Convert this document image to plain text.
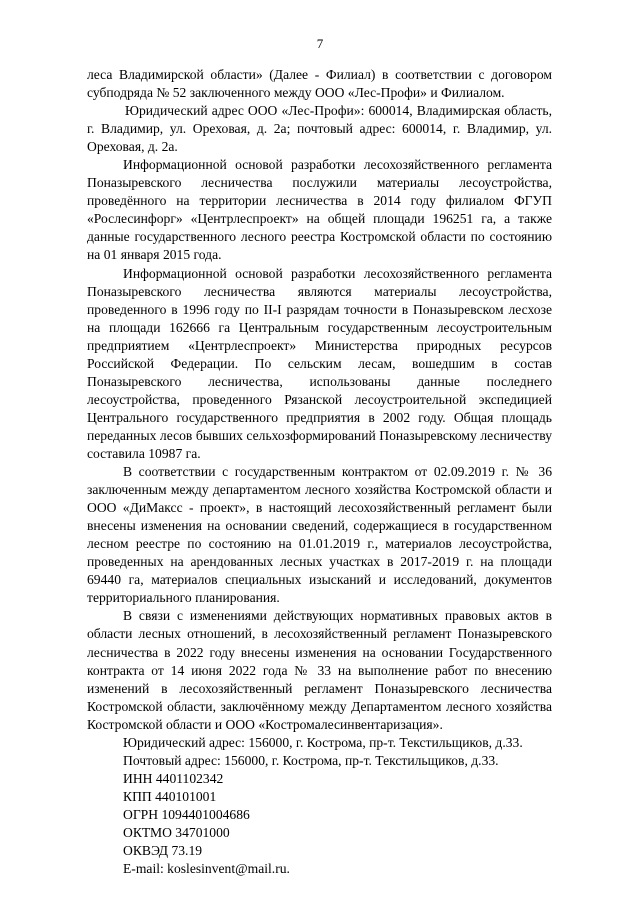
7

леса Владимирской области» (Далее - Филиал) в соответствии с договором субподряда № 52 заключенного между ООО «Лес-Профи» и Филиалом.

Юридический адрес ООО «Лес-Профи»: 600014, Владимирская область, г. Владимир, ул. Ореховая, д. 2а; почтовый адрес: 600014, г. Владимир, ул. Ореховая, д. 2а.

Информационной основой разработки лесохозяйственного регламента Поназыревского лесничества послужили материалы лесоустройства, проведённого на территории лесничества в 2014 году филиалом ФГУП «Рослесинфорг» «Центрлеспроект» на общей площади 196251 га, а также данные государственного лесного реестра Костромской области по состоянию на 01 января 2015 года.

Информационной основой разработки лесохозяйственного регламента Поназыревского лесничества являются материалы лесоустройства, проведенного в 1996 году по II-I разрядам точности в Поназыревском лесхозе на площади 162666 га Центральным государственным лесоустроительным предприятием «Центрлеспроект» Министерства природных ресурсов Российской Федерации. По сельским лесам, вошедшим в состав Поназыревского лесничества, использованы данные последнего лесоустройства, проведенного Рязанской лесоустроительной экспедицией Центрального государственного предприятия в 2002 году. Общая площадь переданных лесов бывших сельхозформирований Поназыревскому лесничеству составила 10987 га.

В соответствии с государственным контрактом от 02.09.2019 г. № 36 заключенным между департаментом лесного хозяйства Костромской области и ООО «ДиМаксс - проект», в настоящий лесохозяйственный регламент были внесены изменения на основании сведений, содержащиеся в государственном лесном реестре по состоянию на 01.01.2019 г., материалов лесоустройства, проведенных на арендованных лесных участках в 2017-2019 г. на площади 69440 га, материалов специальных изысканий и исследований, документов территориального планирования.

В связи с изменениями действующих нормативных правовых актов в области лесных отношений, в лесохозяйственный регламент Поназыревского лесничества в 2022 году внесены изменения на основании Государственного контракта от 14 июня 2022 года № 33 на выполнение работ по внесению изменений в лесохозяйственный регламент Поназыревского лесничества Костромской области, заключённому между Департаментом лесного хозяйства Костромской области и ООО «Костромалесинвентаризация».

Юридический адрес: 156000, г. Кострома, пр-т. Текстильщиков, д.33.
Почтовый адрес: 156000, г. Кострома, пр-т. Текстильщиков, д.33.
ИНН 4401102342
КПП 440101001
ОГРН 1094401004686
ОКТМО 34701000
ОКВЭД 73.19
E-mail: koslesinvent@mail.ru.
